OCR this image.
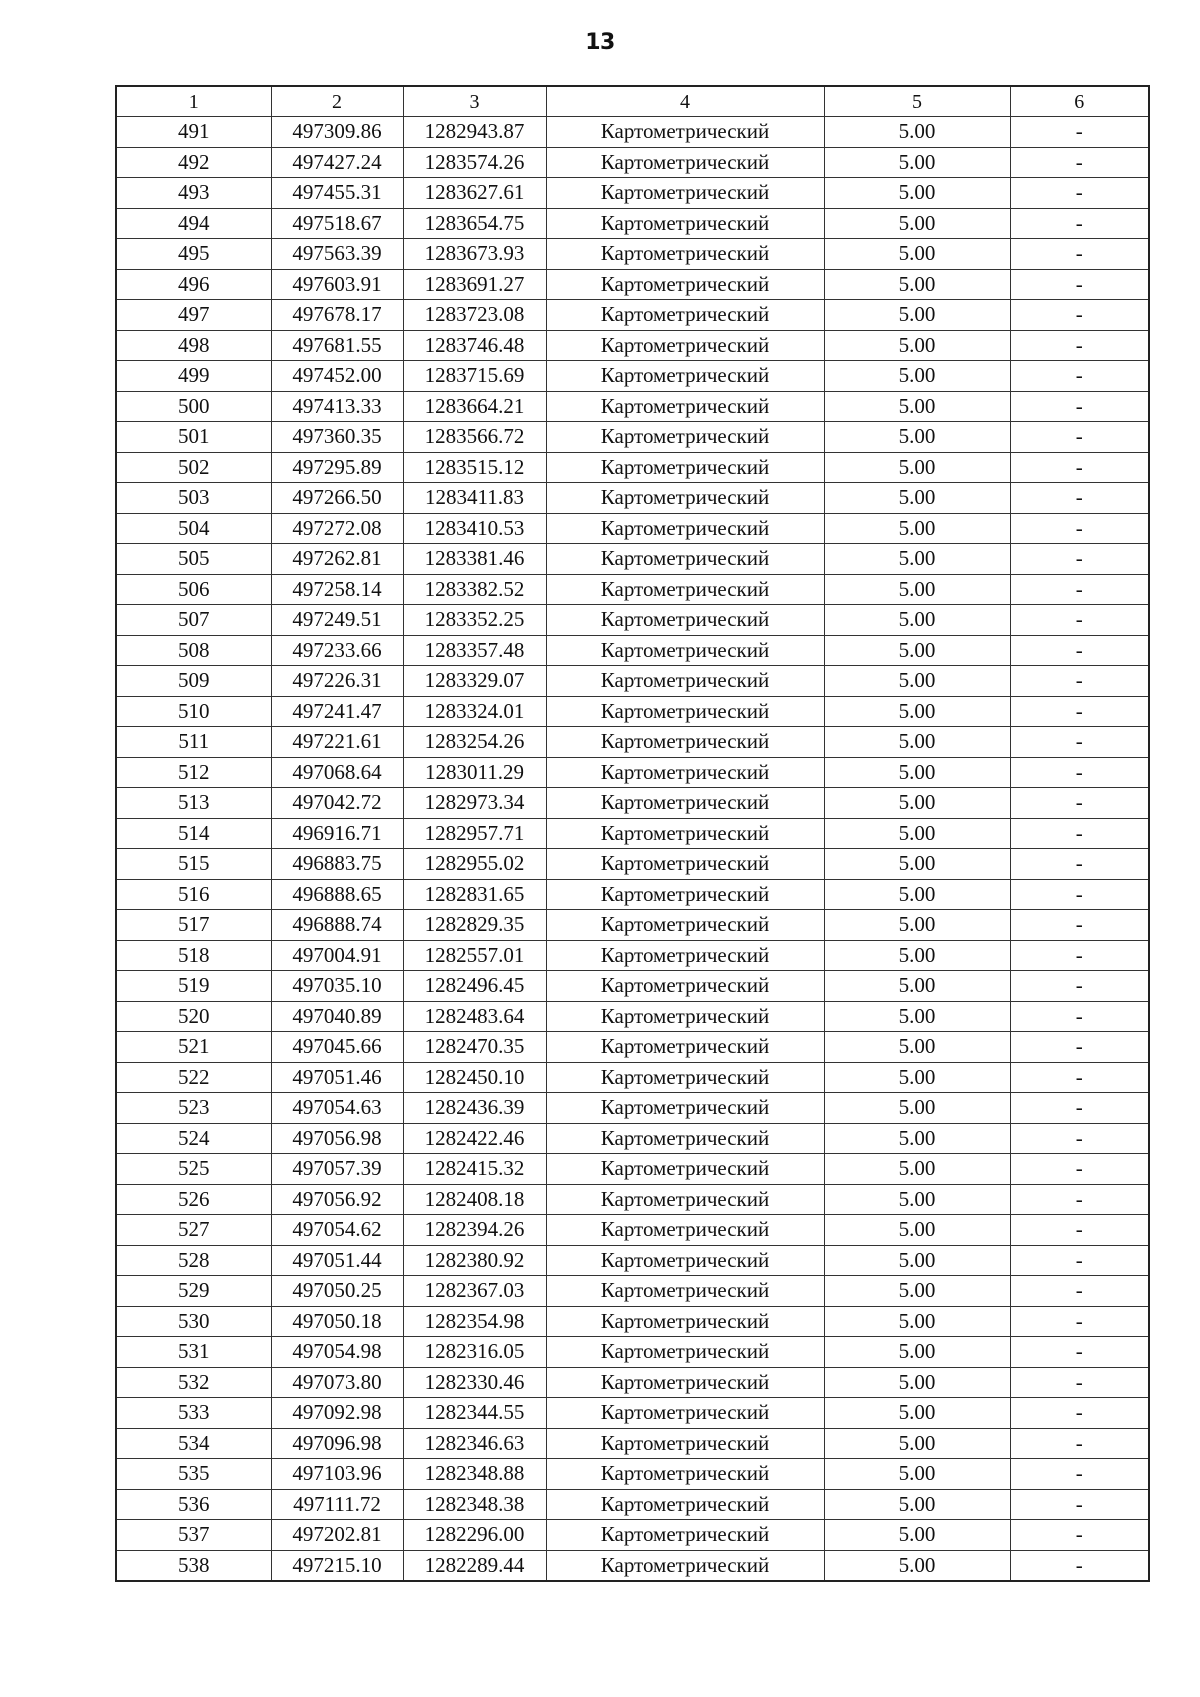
13
1	2	3	4	5	6
491	497309.86	1282943.87	Картометрический	5.00	-
492	497427.24	1283574.26	Картометрический	5.00	-
493	497455.31	1283627.61	Картометрический	5.00	-
494	497518.67	1283654.75	Картометрический	5.00	-
495	497563.39	1283673.93	Картометрический	5.00	-
496	497603.91	1283691.27	Картометрический	5.00	-
497	497678.17	1283723.08	Картометрический	5.00	-
498	497681.55	1283746.48	Картометрический	5.00	-
499	497452.00	1283715.69	Картометрический	5.00	-
500	497413.33	1283664.21	Картометрический	5.00	-
501	497360.35	1283566.72	Картометрический	5.00	-
502	497295.89	1283515.12	Картометрический	5.00	-
503	497266.50	1283411.83	Картометрический	5.00	-
504	497272.08	1283410.53	Картометрический	5.00	-
505	497262.81	1283381.46	Картометрический	5.00	-
506	497258.14	1283382.52	Картометрический	5.00	-
507	497249.51	1283352.25	Картометрический	5.00	-
508	497233.66	1283357.48	Картометрический	5.00	-
509	497226.31	1283329.07	Картометрический	5.00	-
510	497241.47	1283324.01	Картометрический	5.00	-
511	497221.61	1283254.26	Картометрический	5.00	-
512	497068.64	1283011.29	Картометрический	5.00	-
513	497042.72	1282973.34	Картометрический	5.00	-
514	496916.71	1282957.71	Картометрический	5.00	-
515	496883.75	1282955.02	Картометрический	5.00	-
516	496888.65	1282831.65	Картометрический	5.00	-
517	496888.74	1282829.35	Картометрический	5.00	-
518	497004.91	1282557.01	Картометрический	5.00	-
519	497035.10	1282496.45	Картометрический	5.00	-
520	497040.89	1282483.64	Картометрический	5.00	-
521	497045.66	1282470.35	Картометрический	5.00	-
522	497051.46	1282450.10	Картометрический	5.00	-
523	497054.63	1282436.39	Картометрический	5.00	-
524	497056.98	1282422.46	Картометрический	5.00	-
525	497057.39	1282415.32	Картометрический	5.00	-
526	497056.92	1282408.18	Картометрический	5.00	-
527	497054.62	1282394.26	Картометрический	5.00	-
528	497051.44	1282380.92	Картометрический	5.00	-
529	497050.25	1282367.03	Картометрический	5.00	-
530	497050.18	1282354.98	Картометрический	5.00	-
531	497054.98	1282316.05	Картометрический	5.00	-
532	497073.80	1282330.46	Картометрический	5.00	-
533	497092.98	1282344.55	Картометрический	5.00	-
534	497096.98	1282346.63	Картометрический	5.00	-
535	497103.96	1282348.88	Картометрический	5.00	-
536	497111.72	1282348.38	Картометрический	5.00	-
537	497202.81	1282296.00	Картометрический	5.00	-
538	497215.10	1282289.44	Картометрический	5.00	-
